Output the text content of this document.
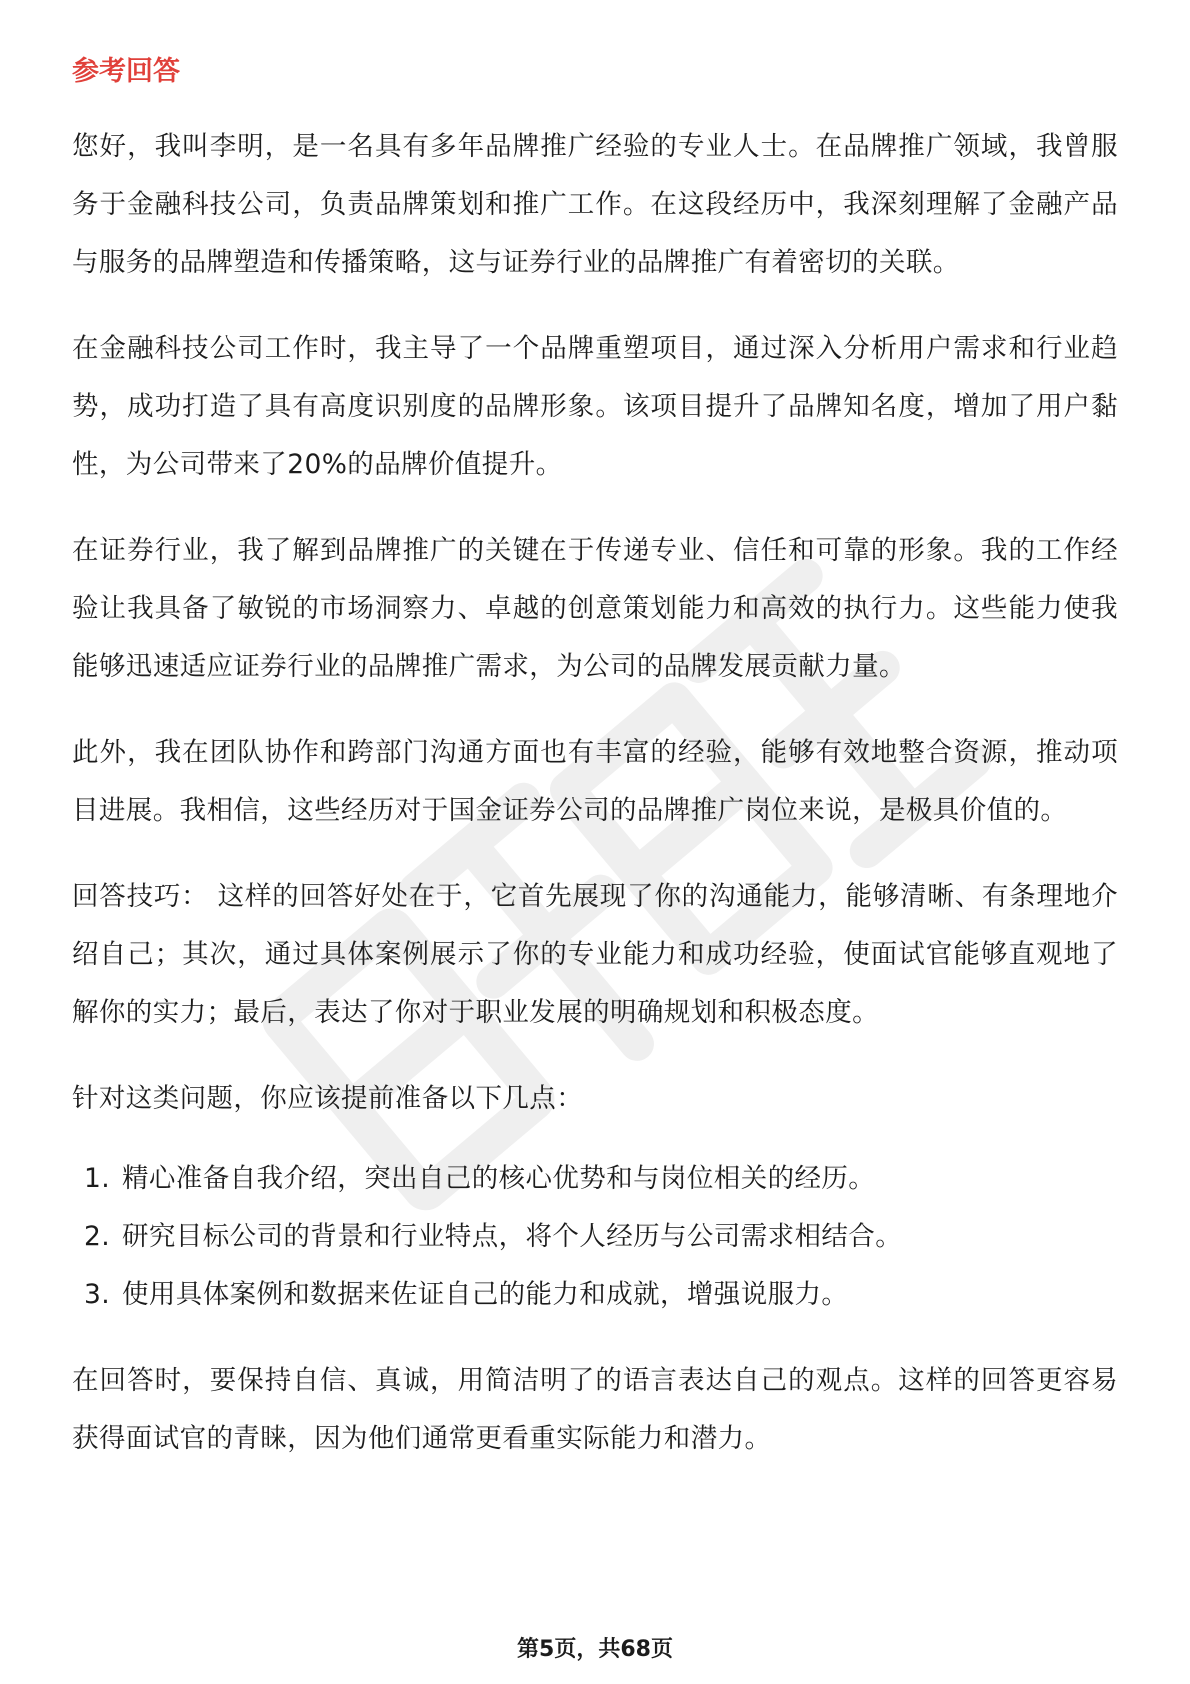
参考回答

您好，我叫李明，是一名具有多年品牌推广经验的专业人士。在品牌推广领域，我曾服务于金融科技公司，负责品牌策划和推广工作。在这段经历中，我深刻理解了金融产品与服务的品牌塑造和传播策略，这与证券行业的品牌推广有着密切的关联。

在金融科技公司工作时，我主导了一个品牌重塑项目，通过深入分析用户需求和行业趋势，成功打造了具有高度识别度的品牌形象。该项目提升了品牌知名度，增加了用户黏性，为公司带来了20%的品牌价值提升。

在证券行业，我了解到品牌推广的关键在于传递专业、信任和可靠的形象。我的工作经验让我具备了敏锐的市场洞察力、卓越的创意策划能力和高效的执行力。这些能力使我能够迅速适应证券行业的品牌推广需求，为公司的品牌发展贡献力量。

此外，我在团队协作和跨部门沟通方面也有丰富的经验，能够有效地整合资源，推动项目进展。我相信，这些经历对于国金证券公司的品牌推广岗位来说，是极具价值的。

回答技巧： 这样的回答好处在于，它首先展现了你的沟通能力，能够清晰、有条理地介绍自己；其次，通过具体案例展示了你的专业能力和成功经验，使面试官能够直观地了解你的实力；最后，表达了你对于职业发展的明确规划和积极态度。

针对这类问题，你应该提前准备以下几点：

1. 精心准备自我介绍，突出自己的核心优势和与岗位相关的经历。
2. 研究目标公司的背景和行业特点，将个人经历与公司需求相结合。
3. 使用具体案例和数据来佐证自己的能力和成就，增强说服力。

在回答时，要保持自信、真诚，用简洁明了的语言表达自己的观点。这样的回答更容易获得面试官的青睐，因为他们通常更看重实际能力和潜力。

第5页，共68页
